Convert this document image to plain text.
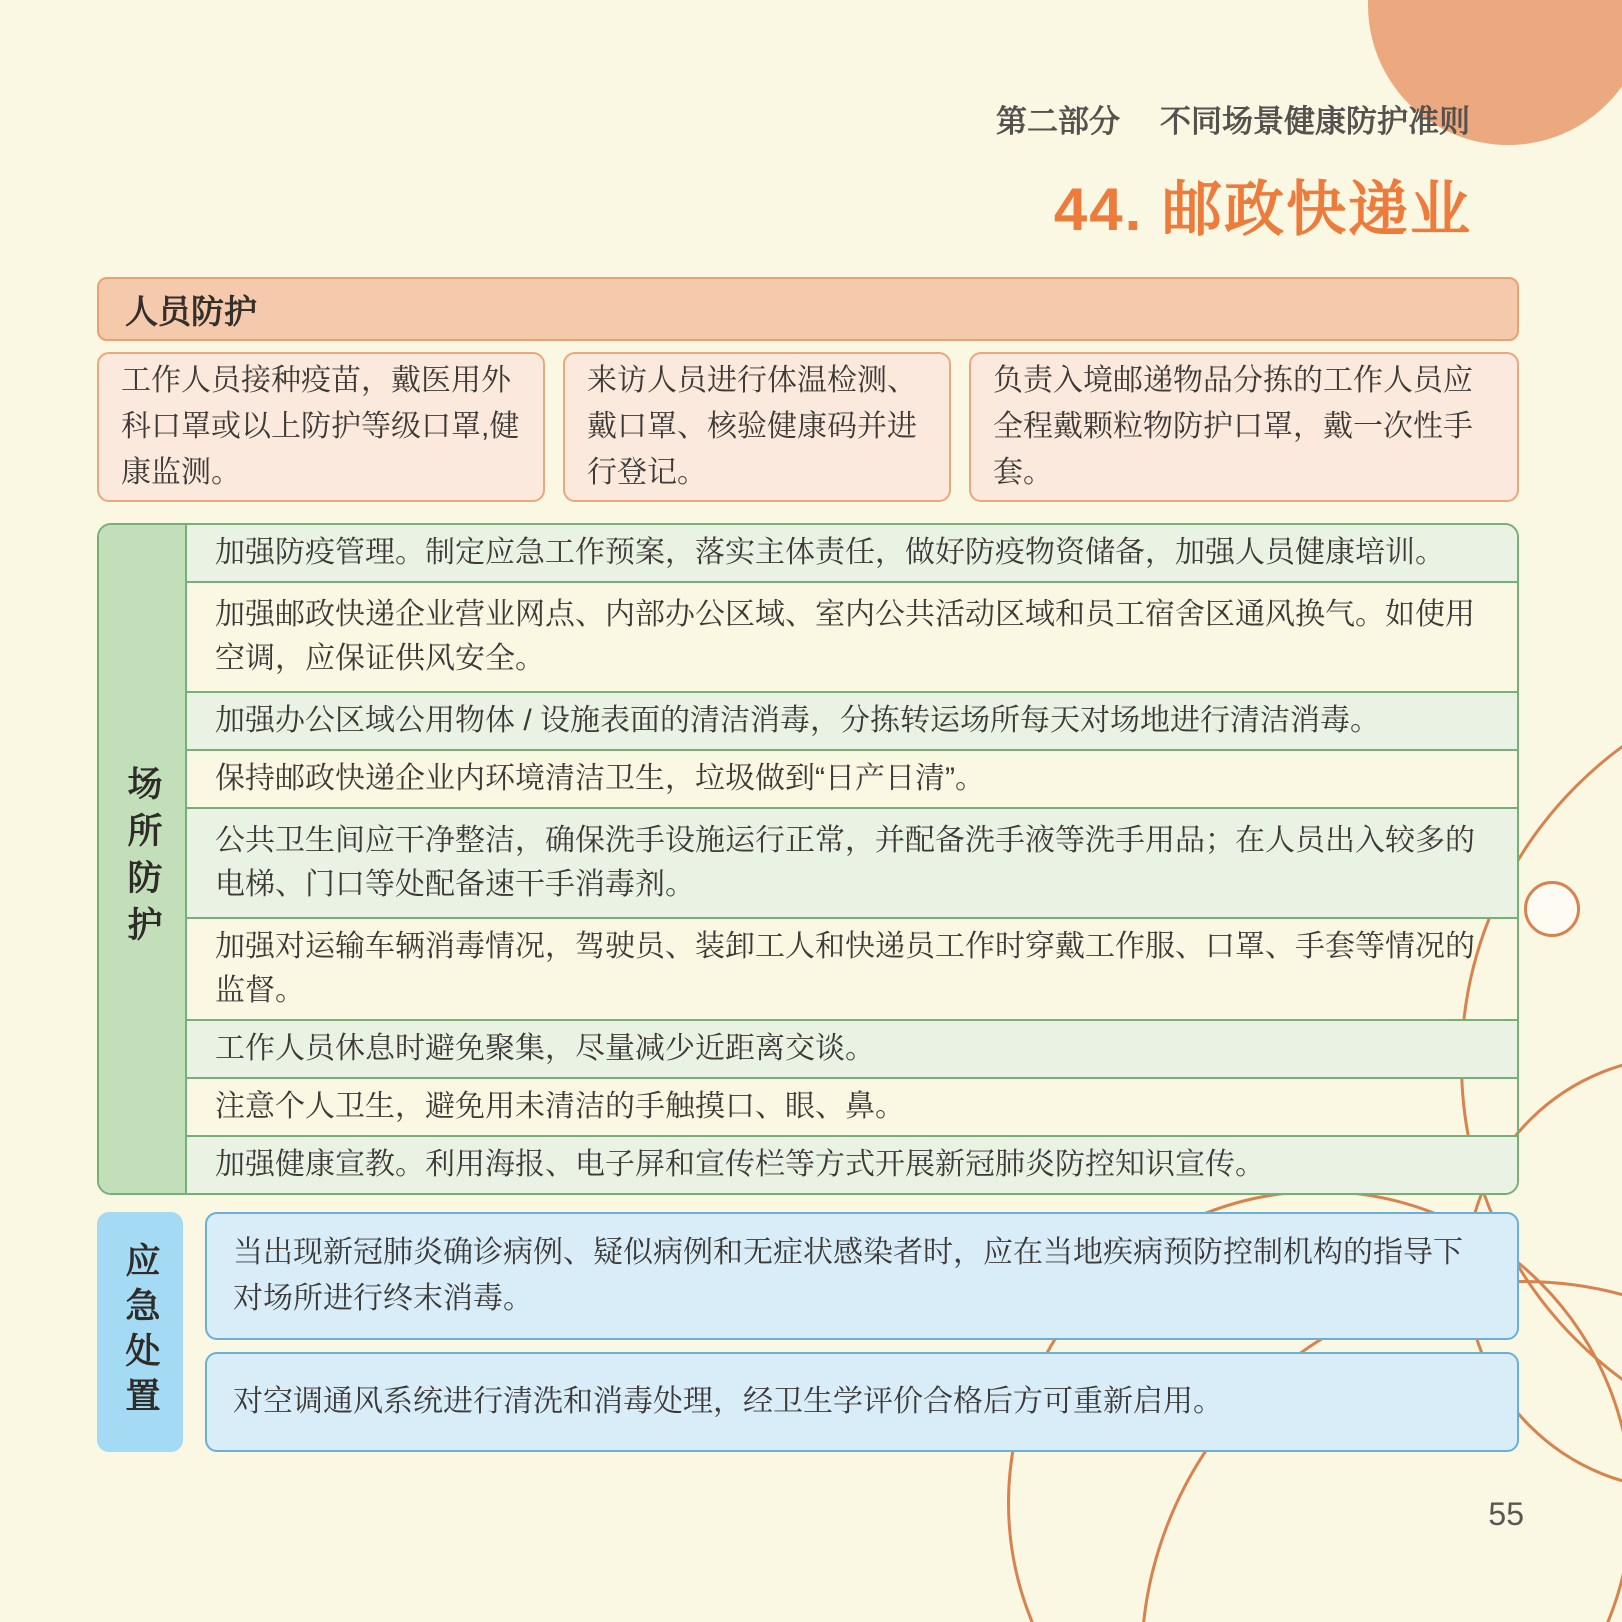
第二部分 不同场景健康防护准则
44. 邮政快递业
人员防护
工作人员接种疫苗，戴医用外科口罩或以上防护等级口罩,健康监测。
来访人员进行体温检测、戴口罩、核验健康码并进行登记。
负责入境邮递物品分拣的工作人员应全程戴颗粒物防护口罩，戴一次性手套。
场所防护
加强防疫管理。制定应急工作预案，落实主体责任，做好防疫物资储备，加强人员健康培训。
加强邮政快递企业营业网点、内部办公区域、室内公共活动区域和员工宿舍区通风换气。如使用空调，应保证供风安全。
加强办公区域公用物体 / 设施表面的清洁消毒，分拣转运场所每天对场地进行清洁消毒。
保持邮政快递企业内环境清洁卫生，垃圾做到“日产日清”。
公共卫生间应干净整洁，确保洗手设施运行正常，并配备洗手液等洗手用品；在人员出入较多的电梯、门口等处配备速干手消毒剂。
加强对运输车辆消毒情况，驾驶员、装卸工人和快递员工作时穿戴工作服、口罩、手套等情况的监督。
工作人员休息时避免聚集，尽量减少近距离交谈。
注意个人卫生，避免用未清洁的手触摸口、眼、鼻。
加强健康宣教。利用海报、电子屏和宣传栏等方式开展新冠肺炎防控知识宣传。
应急处置 当出现新冠肺炎确诊病例、疑似病例和无症状感染者时，应在当地疾病预防控制机构的指导下对场所进行终末消毒。
对空调通风系统进行清洗和消毒处理，经卫生学评价合格后方可重新启用。
55
